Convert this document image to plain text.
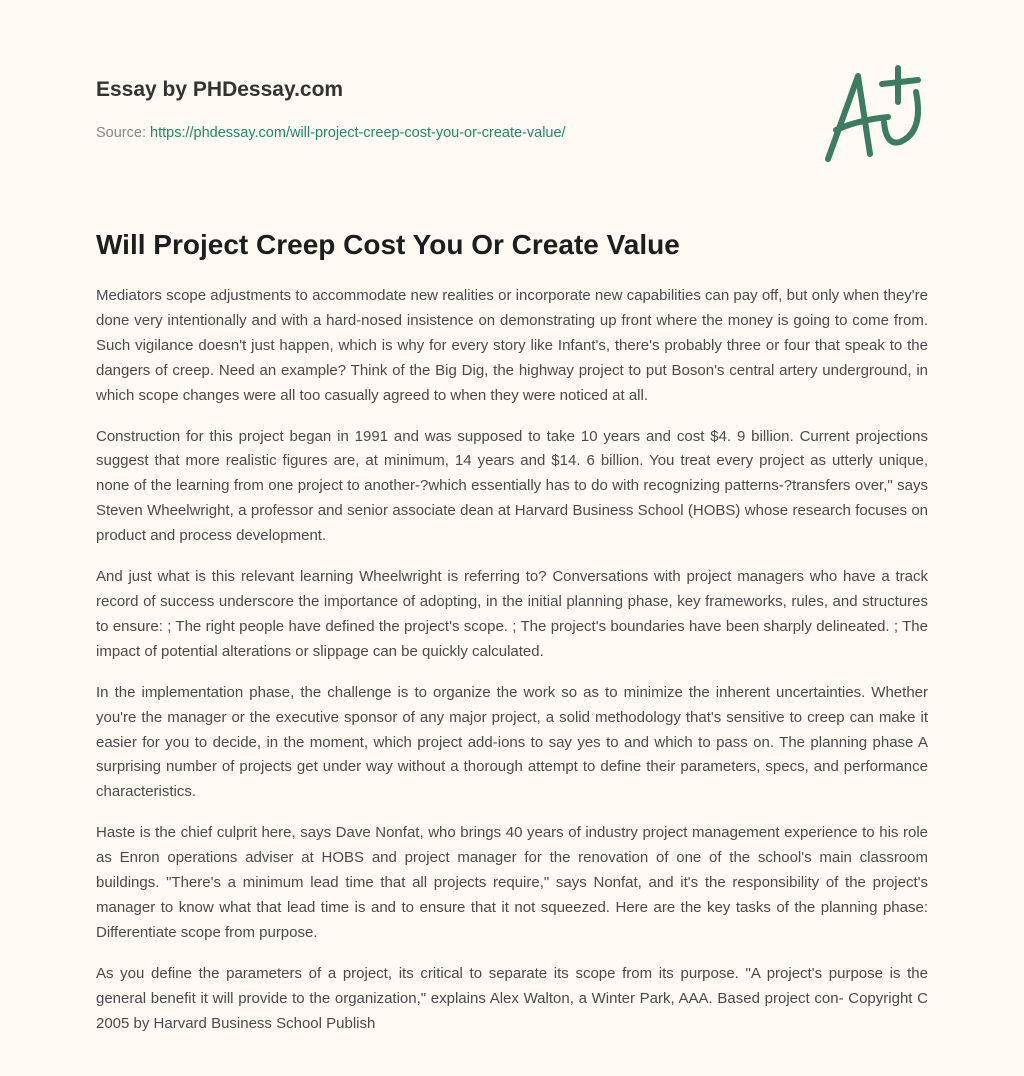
Essay by PHDessay.com
Source: https://phdessay.com/will-project-creep-cost-you-or-create-value/
Will Project Creep Cost You Or Create Value

Mediators scope adjustments to accommodate new realities or incorporate new capabilities can pay off, but only when they're done very intentionally and with a hard-nosed insistence on demonstrating up front where the money is going to come from. Such vigilance doesn't just happen, which is why for every story like Infant's, there's probably three or four that speak to the dangers of creep. Need an example? Think of the Big Dig, the highway project to put Boson's central artery underground, in which scope changes were all too casually agreed to when they were noticed at all.

Construction for this project began in 1991 and was supposed to take 10 years and cost $4. 9 billion. Current projections suggest that more realistic figures are, at minimum, 14 years and $14. 6 billion. You treat every project as utterly unique, none of the learning from one project to another-?which essentially has to do with recognizing patterns-?transfers over," says Steven Wheelwright, a professor and senior associate dean at Harvard Business School (HOBS) whose research focuses on product and process development.

And just what is this relevant learning Wheelwright is referring to? Conversations with project managers who have a track record of success underscore the importance of adopting, in the initial planning phase, key frameworks, rules, and structures to ensure: ; The right people have defined the project's scope. ; The project's boundaries have been sharply delineated. ; The impact of potential alterations or slippage can be quickly calculated.

In the implementation phase, the challenge is to organize the work so as to minimize the inherent uncertainties. Whether you're the manager or the executive sponsor of any major project, a solid methodology that's sensitive to creep can make it easier for you to decide, in the moment, which project add-ions to say yes to and which to pass on. The planning phase A surprising number of projects get under way without a thorough attempt to define their parameters, specs, and performance characteristics.

Haste is the chief culprit here, says Dave Nonfat, who brings 40 years of industry project management experience to his role as Enron operations adviser at HOBS and project manager for the renovation of one of the school's main classroom buildings. "There's a minimum lead time that all projects require," says Nonfat, and it's the responsibility of the project's manager to know what that lead time is and to ensure that it not squeezed. Here are the key tasks of the planning phase: Differentiate scope from purpose.

As you define the parameters of a project, its critical to separate its scope from its purpose. "A project's purpose is the general benefit it will provide to the organization," explains Alex Walton, a Winter Park, AAA. Based project con- Copyright C 2005 by Harvard Business School Publish
